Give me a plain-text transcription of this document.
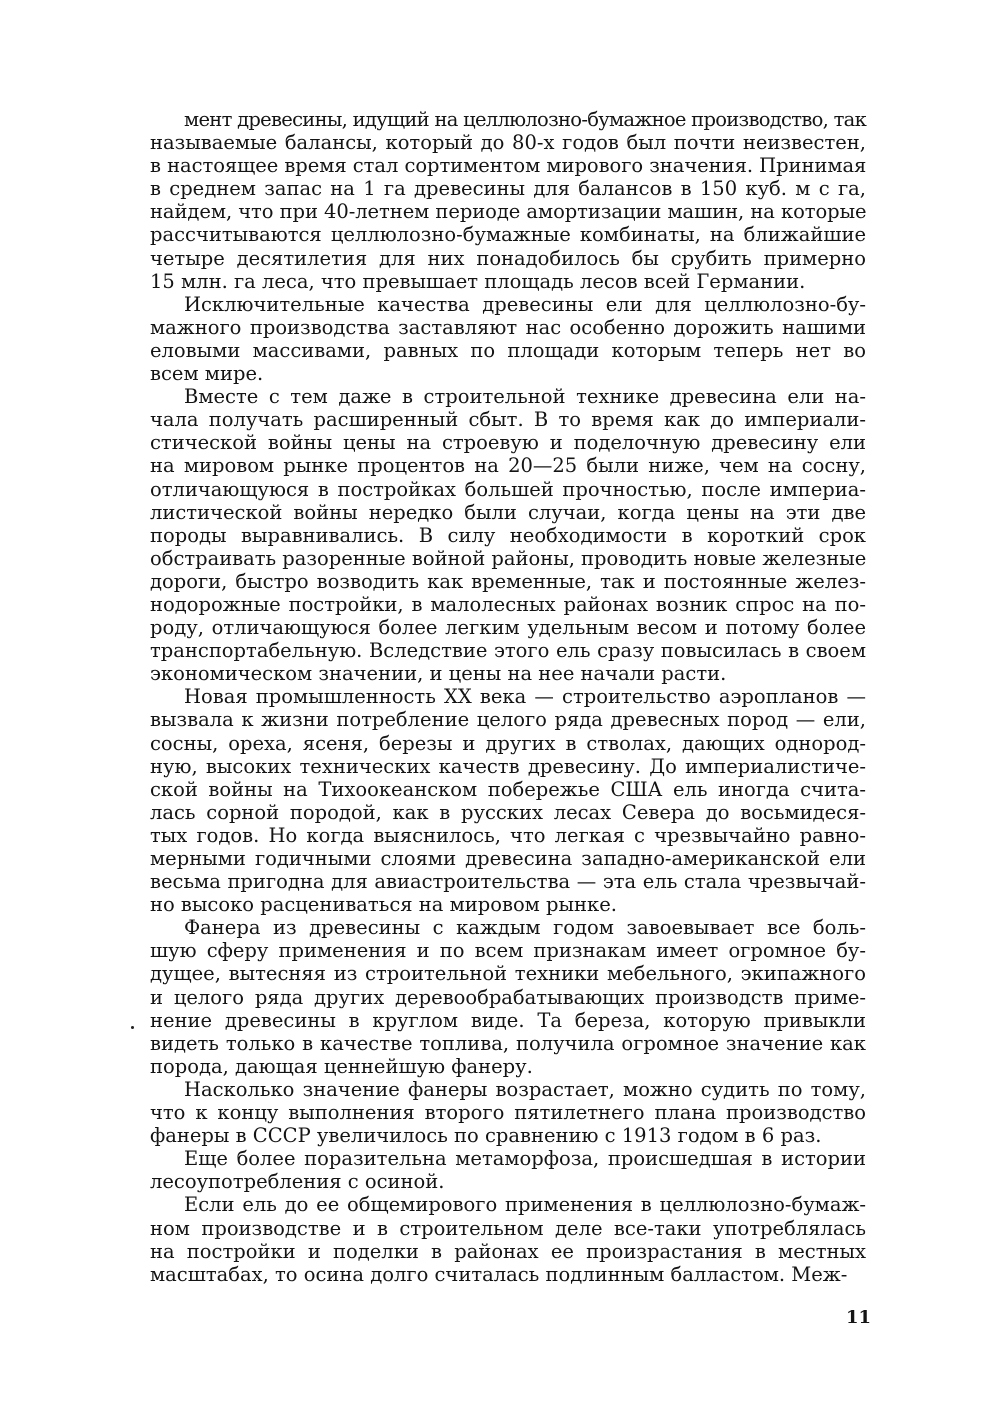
мент древесины, идущий на целлюлозно-бумажное производство, так
называемые балансы, который до 80-х годов был почти неизвестен,
в настоящее время стал сортиментом мирового значения. Принимая
в среднем запас на 1 га древесины для балансов в 150 куб. м с га,
найдем, что при 40-летнем периоде амортизации машин, на которые
рассчитываются целлюлозно-бумажные комбинаты, на ближайшие
четыре десятилетия для них понадобилось бы срубить примерно
15 млн. га леса, что превышает площадь лесов всей Германии.
Исключительные качества древесины ели для целлюлозно-бу-
мажного производства заставляют нас особенно дорожить нашими
еловыми массивами, равных по площади которым теперь нет во
всем мире.
Вместе с тем даже в строительной технике древесина ели на-
чала получать расширенный сбыт. В то время как до империали-
стической войны цены на строевую и поделочную древесину ели
на мировом рынке процентов на 20—25 были ниже, чем на сосну,
отличающуюся в постройках большей прочностью, после империа-
листической войны нередко были случаи, когда цены на эти две
породы выравнивались. В силу необходимости в короткий срок
обстраивать разоренные войной районы, проводить новые железные
дороги, быстро возводить как временные, так и постоянные желез-
нодорожные постройки, в малолесных районах возник спрос на по-
роду, отличающуюся более легким удельным весом и потому более
транспортабельную. Вследствие этого ель сразу повысилась в своем
экономическом значении, и цены на нее начали расти.
Новая промышленность XX века — строительство аэропланов —
вызвала к жизни потребление целого ряда древесных пород — ели,
сосны, ореха, ясеня, березы и других в стволах, дающих однород-
ную, высоких технических качеств древесину. До империалистиче-
ской войны на Тихоокеанском побережье США ель иногда счита-
лась сорной породой, как в русских лесах Севера до восьмидеся-
тых годов. Но когда выяснилось, что легкая с чрезвычайно равно-
мерными годичными слоями древесина западно-американской ели
весьма пригодна для авиастроительства — эта ель стала чрезвычай-
но высоко расцениваться на мировом рынке.
Фанера из древесины с каждым годом завоевывает все боль-
шую сферу применения и по всем признакам имеет огромное бу-
дущее, вытесняя из строительной техники мебельного, экипажного
и целого ряда других деревообрабатывающих производств приме-
нение древесины в круглом виде. Та береза, которую привыкли
видеть только в качестве топлива, получила огромное значение как
порода, дающая ценнейшую фанеру.
Насколько значение фанеры возрастает, можно судить по тому,
что к концу выполнения второго пятилетнего плана производство
фанеры в СССР увеличилось по сравнению с 1913 годом в 6 раз.
Еще более поразительна метаморфоза, происшедшая в истории
лесоупотребления с осиной.
Если ель до ее общемирового применения в целлюлозно-бумаж-
ном производстве и в строительном деле все-таки употреблялась
на постройки и поделки в районах ее произрастания в местных
масштабах, то осина долго считалась подлинным балластом. Меж-
11
